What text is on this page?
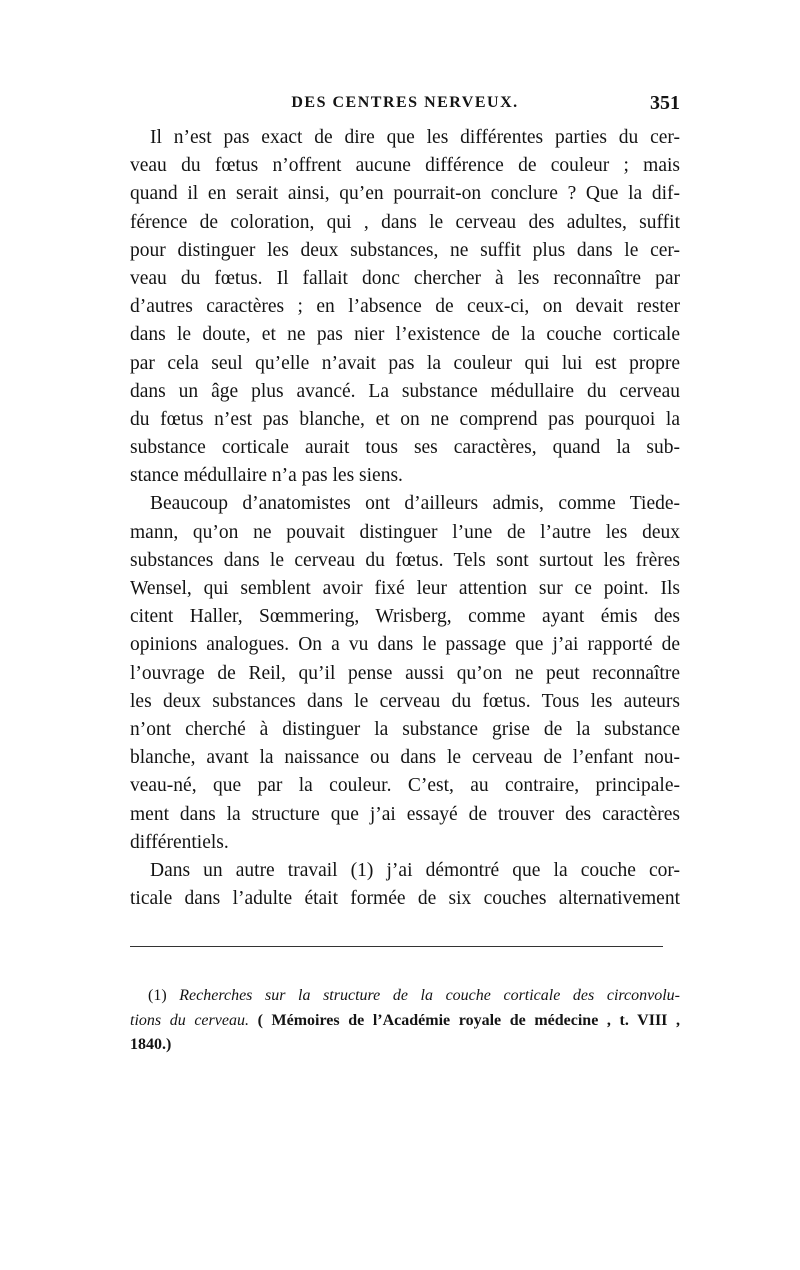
DES CENTRES NERVEUX.	351
Il n’est pas exact de dire que les différentes parties du cer-
veau du fœtus n’offrent aucune différence de couleur ; mais
quand il en serait ainsi, qu’en pourrait-on conclure ? Que la dif-
férence de coloration, qui , dans le cerveau des adultes, suffit
pour distinguer les deux substances, ne suffit plus dans le cer-
veau du fœtus. Il fallait donc chercher à les reconnaître par
d’autres caractères ; en l’absence de ceux-ci, on devait rester
dans le doute, et ne pas nier l’existence de la couche corticale
par cela seul qu’elle n’avait pas la couleur qui lui est propre
dans un âge plus avancé. La substance médullaire du cerveau
du fœtus n’est pas blanche, et on ne comprend pas pourquoi la
substance corticale aurait tous ses caractères, quand la sub-
stance médullaire n’a pas les siens.
Beaucoup d’anatomistes ont d’ailleurs admis, comme Tiede-
mann, qu’on ne pouvait distinguer l’une de l’autre les deux
substances dans le cerveau du fœtus. Tels sont surtout les frères
Wensel, qui semblent avoir fixé leur attention sur ce point. Ils
citent Haller, Sœmmering, Wrisberg, comme ayant émis des
opinions analogues. On a vu dans le passage que j’ai rapporté de
l’ouvrage de Reil, qu’il pense aussi qu’on ne peut reconnaître
les deux substances dans le cerveau du fœtus. Tous les auteurs
n’ont cherché à distinguer la substance grise de la substance
blanche, avant la naissance ou dans le cerveau de l’enfant nou-
veau-né, que par la couleur. C’est, au contraire, principale-
ment dans la structure que j’ai essayé de trouver des caractères
différentiels.
Dans un autre travail (1) j’ai démontré que la couche cor-
ticale dans l’adulte était formée de six couches alternativement
(1) Recherches sur la structure de la couche corticale des circonvolu-
tions du cerveau. ( Mémoires de l’Académie royale de médecine , t. VIII ,
1840.)
